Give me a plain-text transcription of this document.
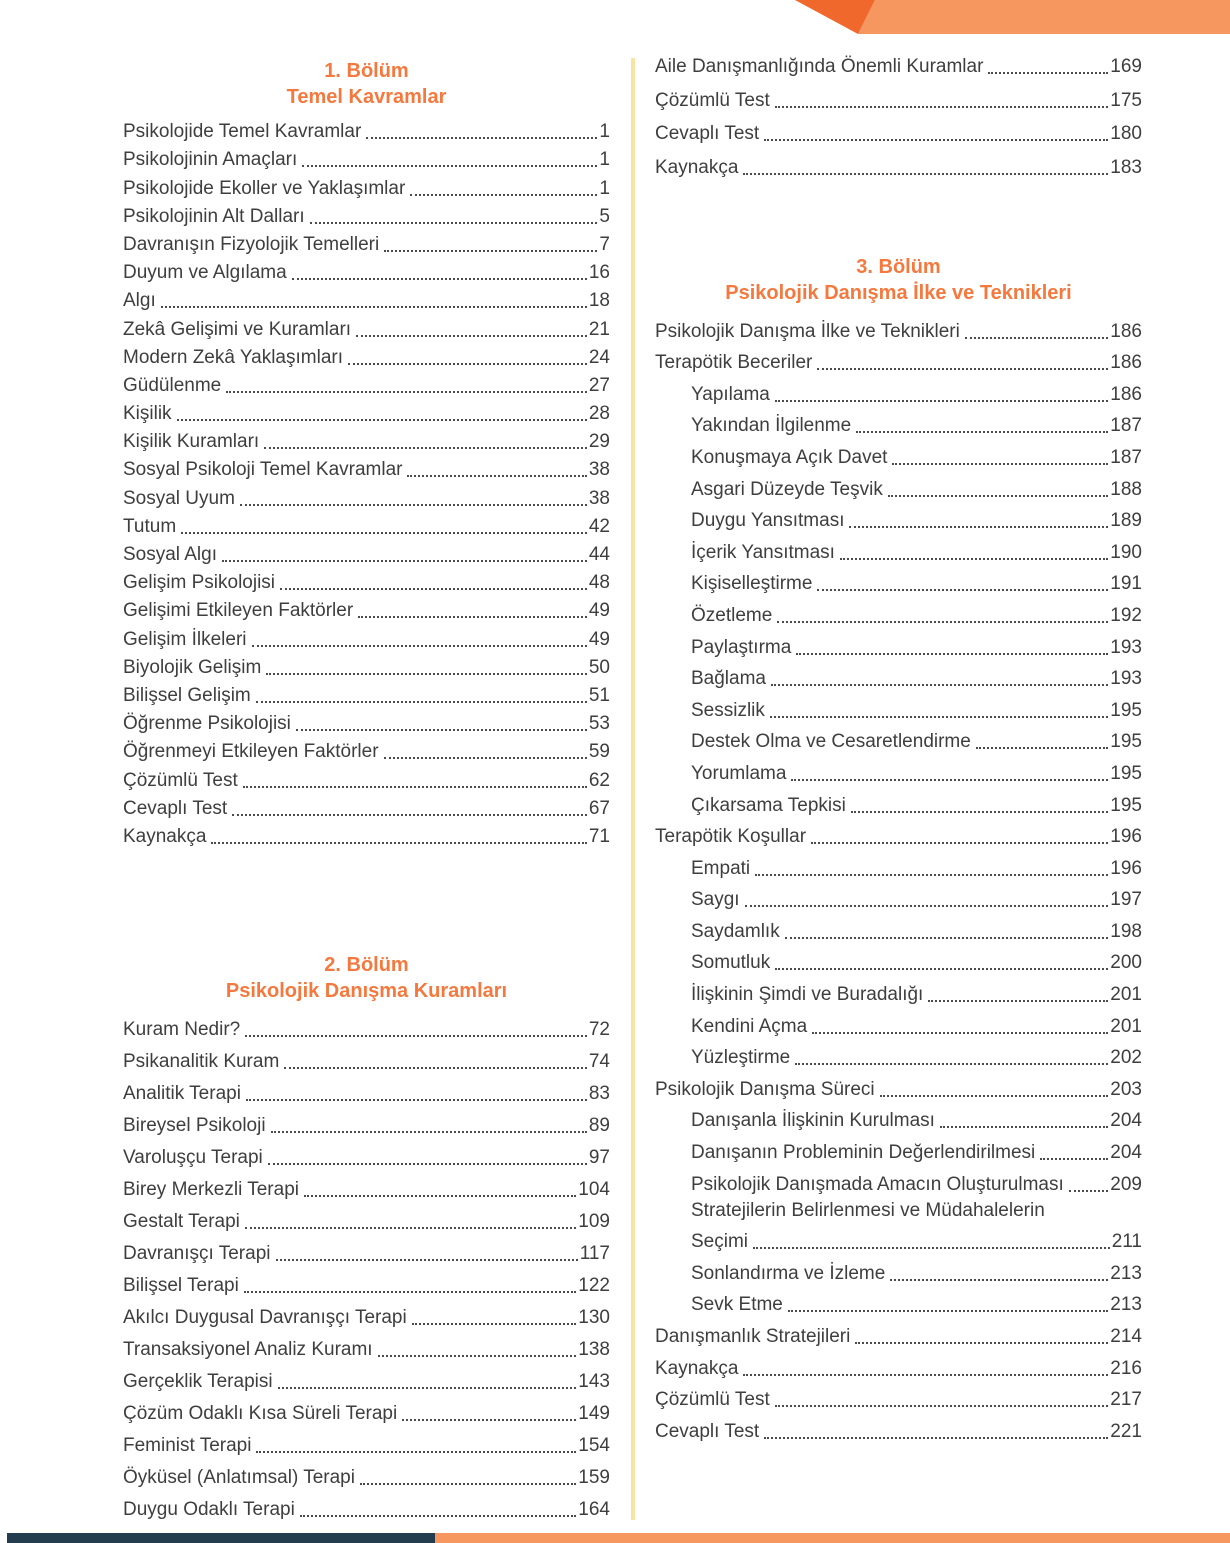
1. Bölüm
Temel Kavramlar
Psikolojide Temel Kavramlar	1
Psikolojinin Amaçları	1
Psikolojide Ekoller ve Yaklaşımlar	1
Psikolojinin Alt Dalları	5
Davranışın Fizyolojik Temelleri	7
Duyum ve Algılama	16
Algı	18
Zekâ Gelişimi ve Kuramları	21
Modern Zekâ Yaklaşımları	24
Güdülenme	27
Kişilik	28
Kişilik Kuramları	29
Sosyal Psikoloji Temel Kavramlar	38
Sosyal Uyum	38
Tutum	42
Sosyal Algı	44
Gelişim Psikolojisi	48
Gelişimi Etkileyen Faktörler	49
Gelişim İlkeleri	49
Biyolojik Gelişim	50
Bilişsel Gelişim	51
Öğrenme Psikolojisi	53
Öğrenmeyi Etkileyen Faktörler	59
Çözümlü Test	62
Cevaplı Test	67
Kaynakça	71
2. Bölüm
Psikolojik Danışma Kuramları
Kuram Nedir?	72
Psikanalitik Kuram	74
Analitik Terapi	83
Bireysel Psikoloji	89
Varoluşçu Terapi	97
Birey Merkezli Terapi	104
Gestalt Terapi	109
Davranışçı Terapi	117
Bilişsel Terapi	122
Akılcı Duygusal Davranışçı Terapi	130
Transaksiyonel Analiz Kuramı	138
Gerçeklik Terapisi	143
Çözüm Odaklı Kısa Süreli Terapi	149
Feminist Terapi	154
Öyküsel (Anlatımsal) Terapi	159
Duygu Odaklı Terapi	164
Aile Danışmanlığında Önemli Kuramlar	169
Çözümlü Test	175
Cevaplı Test	180
Kaynakça	183
3. Bölüm
Psikolojik Danışma İlke ve Teknikleri
Psikolojik Danışma İlke ve Teknikleri	186
Terapötik Beceriler	186
Yapılama	186
Yakından İlgilenme	187
Konuşmaya Açık Davet	187
Asgari Düzeyde Teşvik	188
Duygu Yansıtması	189
İçerik Yansıtması	190
Kişiselleştirme	191
Özetleme	192
Paylaştırma	193
Bağlama	193
Sessizlik	195
Destek Olma ve Cesaretlendirme	195
Yorumlama	195
Çıkarsama Tepkisi	195
Terapötik Koşullar	196
Empati	196
Saygı	197
Saydamlık	198
Somutluk	200
İlişkinin Şimdi ve Buradalığı	201
Kendini Açma	201
Yüzleştirme	202
Psikolojik Danışma Süreci	203
Danışanla İlişkinin Kurulması	204
Danışanın Probleminin Değerlendirilmesi	204
Psikolojik Danışmada Amacın Oluşturulması 209
Stratejilerin Belirlenmesi ve Müdahalelerin
Seçimi	211
Sonlandırma ve İzleme	213
Sevk Etme	213
Danışmanlık Stratejileri	214
Kaynakça	216
Çözümlü Test	217
Cevaplı Test	221
